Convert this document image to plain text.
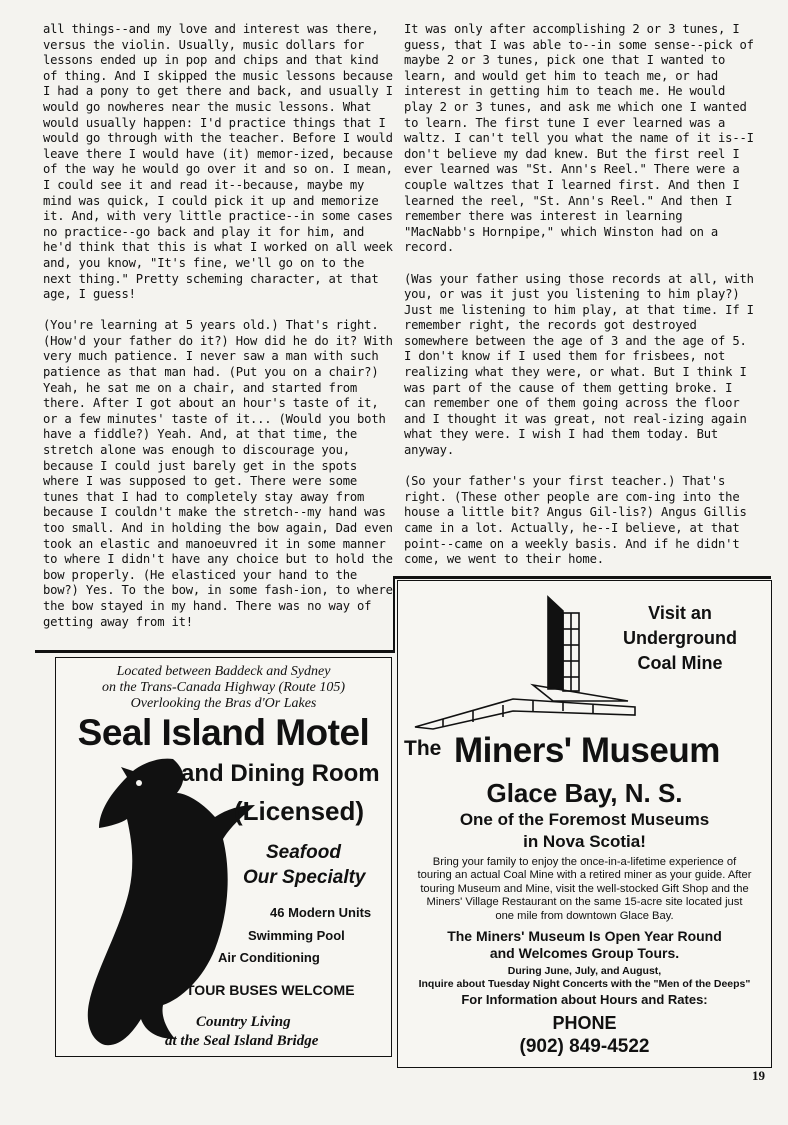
all things--and my love and interest was there, versus the violin. Usually, music dollars for lessons ended up in pop and chips and that kind of thing. And I skipped the music lessons because I had a pony to get there and back, and usually I would go nowheres near the music lessons. What would usually happen: I'd practice things that I would go through with the teacher. Before I would leave there I would have (it) memor-ized, because of the way he would go over it and so on. I mean, I could see it and read it--because, maybe my mind was quick, I could pick it up and memorize it. And, with very little practice--in some cases no practice--go back and play it for him, and he'd think that this is what I worked on all week and, you know, "It's fine, we'll go on to the next thing." Pretty scheming character, at that age, I guess!

(You're learning at 5 years old.) That's right. (How'd your father do it?) How did he do it? With very much patience. I never saw a man with such patience as that man had. (Put you on a chair?) Yeah, he sat me on a chair, and started from there. After I got about an hour's taste of it, or a few minutes' taste of it... (Would you both have a fiddle?) Yeah. And, at that time, the stretch alone was enough to discourage you, because I could just barely get in the spots where I was supposed to get. There were some tunes that I had to completely stay away from because I couldn't make the stretch--my hand was too small. And in holding the bow again, Dad even took an elastic and manoeuvred it in some manner to where I didn't have any choice but to hold the bow properly. (He elasticed your hand to the bow?) Yes. To the bow, in some fash-ion, to where the bow stayed in my hand. There was no way of getting away from it!

It was only after accomplishing 2 or 3 tunes, I guess, that I was able to--in some sense--pick of maybe 2 or 3 tunes, pick one that I wanted to learn, and would get him to teach me, or had interest in getting him to teach me. He would play 2 or 3 tunes, and ask me which one I wanted to learn. The first tune I ever learned was a waltz. I can't tell you what the name of it is--I don't believe my dad knew. But the first reel I ever learned was "St. Ann's Reel." There were a couple waltzes that I learned first. And then I learned the reel, "St. Ann's Reel." And then I remember there was interest in learning "MacNabb's Hornpipe," which Winston had on a record.

(Was your father using those records at all, with you, or was it just you listening to him play?) Just me listening to him play, at that time. If I remember right, the records got destroyed somewhere between the age of 3 and the age of 5. I don't know if I used them for frisbees, not realizing what they were, or what. But I think I was part of the cause of them getting broke. I can remember one of them going across the floor and I thought it was great, not real-izing again what they were. I wish I had them today. But anyway.

(So your father's your first teacher.) That's right. (These other people are com-ing into the house a little bit? Angus Gil-lis?) Angus Gillis came in a lot. Actually, he--I believe, at that point--came on a weekly basis. And if he didn't come, we went to their home.

Located between Baddeck and Sydney
on the Trans-Canada Highway (Route 105)
Overlooking the Bras d'Or Lakes
Seal Island Motel
and Dining Room
(Licensed)
Seafood
Our Specialty
46 Modern Units
Swimming Pool
Air Conditioning
TOUR BUSES WELCOME
Country Living
at the Seal Island Bridge
Visit an
Underground
Coal Mine
The Miners' Museum
Glace Bay, N. S.
One of the Foremost Museums
in Nova Scotia!
Bring your family to enjoy the once-in-a-lifetime experience of touring an actual Coal Mine with a retired miner as your guide. After touring Museum and Mine, visit the well-stocked Gift Shop and the Miners' Village Restaurant on the same 15-acre site located just one mile from downtown Glace Bay.
The Miners' Museum Is Open Year Round
and Welcomes Group Tours.
During June, July, and August,
Inquire about Tuesday Night Concerts with the "Men of the Deeps"
For Information about Hours and Rates:
PHONE
(902) 849-4522
19
